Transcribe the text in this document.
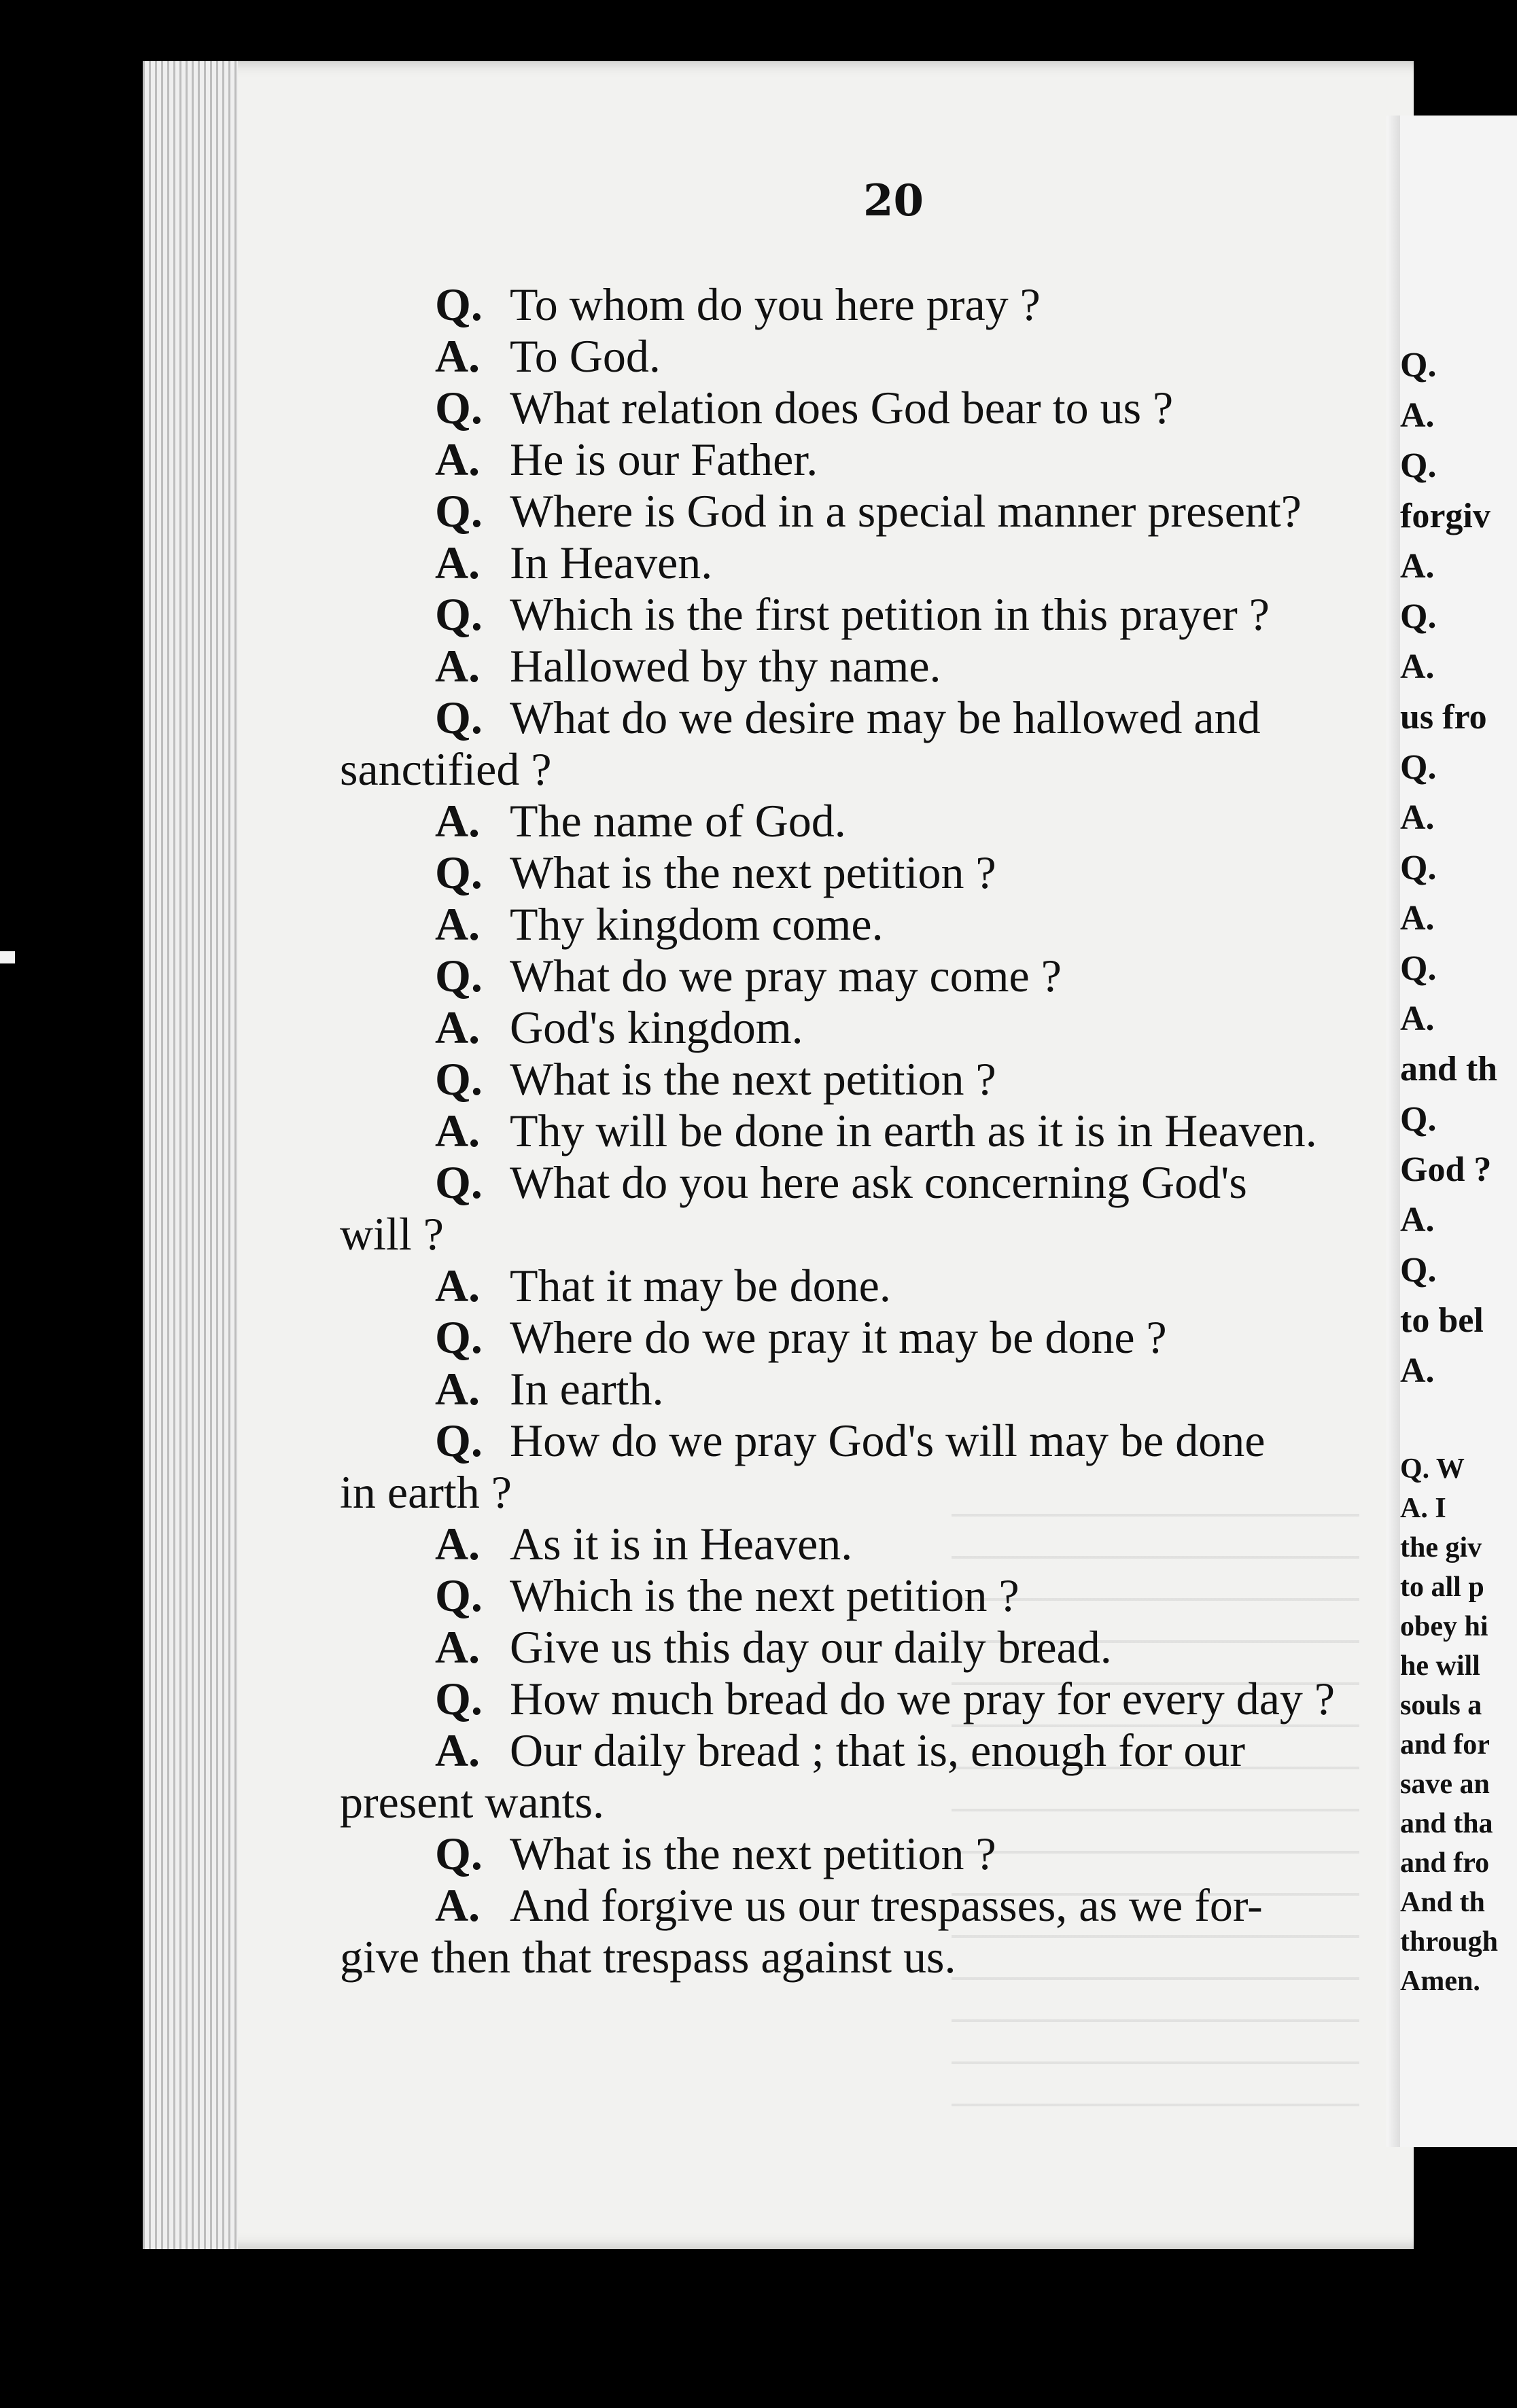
Q.
A.
Q.
forgiv
A.
Q.
A.
us fro
Q.
A.
Q.
A.
Q.
A.
and th
Q.
God ?
A.
Q.
to bel
A.
Q. W
A. I
the giv
to all p
obey hi
he will
souls a
and for
save an
and tha
and fro
And th
through
Amen.
20
Q. To whom do you here pray ?
A. To God.
Q. What relation does God bear to us ?
A. He is our Father.
Q. Where is God in a special manner present?
A. In Heaven.
Q. Which is the first petition in this prayer ?
A. Hallowed by thy name.
Q. What do we desire may be hallowed and
sanctified ?
A. The name of God.
Q. What is the next petition ?
A. Thy kingdom come.
Q. What do we pray may come ?
A. God's kingdom.
Q. What is the next petition ?
A. Thy will be done in earth as it is in Heaven.
Q. What do you here ask concerning God's
will ?
A. That it may be done.
Q. Where do we pray it may be done ?
A. In earth.
Q. How do we pray God's will may be done
in earth ?
A. As it is in Heaven.
Q. Which is the next petition ?
A. Give us this day our daily bread.
Q. How much bread do we pray for every day ?
A. Our daily bread ; that is, enough for our
present wants.
Q. What is the next petition ?
A. And forgive us our trespasses, as we for-
give then that trespass against us.
